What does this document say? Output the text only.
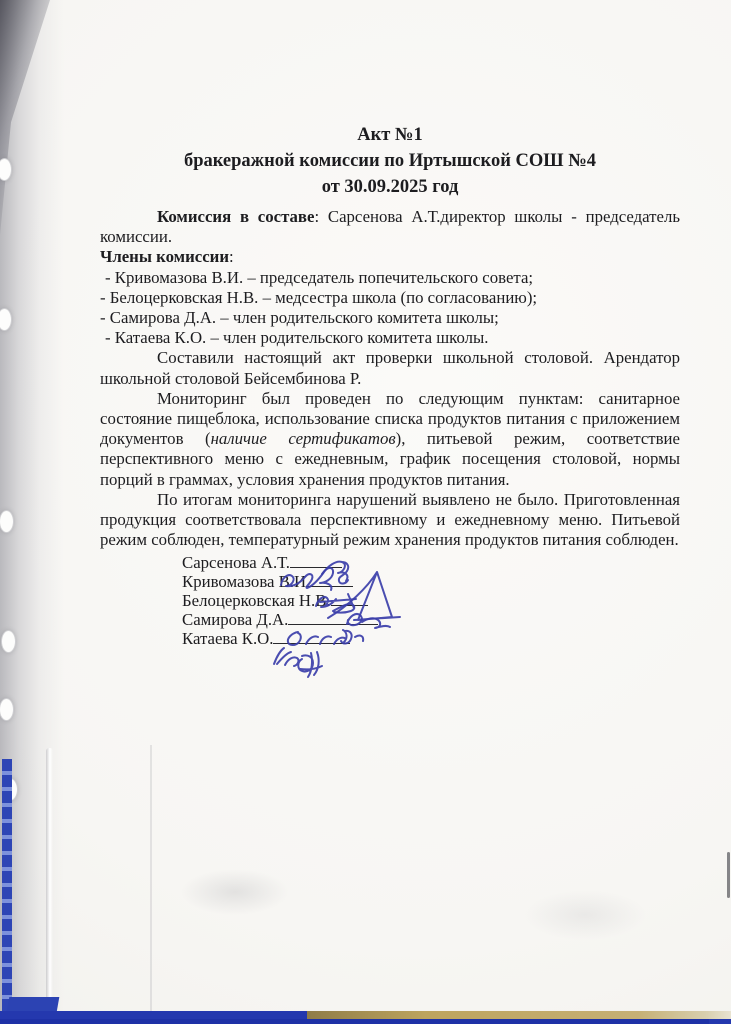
Акт №1
бракеражной комиссии по Иртышской СОШ №4
от 30.09.2025 год

Комиссия в составе: Сарсенова А.Т.директор школы - председатель комиссии.

Члены комиссии:

- Кривомазова В.И. – председатель попечительского совета;
- Белоцерковская Н.В. – медсестра школа (по согласованию);
- Самирова Д.А. – член родительского комитета школы;
- Катаева К.О. – член родительского комитета школы.

Составили настоящий акт проверки школьной столовой. Арендатор школьной столовой Бейсембинова Р.

Мониторинг был проведен по следующим пунктам: санитарное состояние пищеблока, использование списка продуктов питания с приложением документов (наличие сертификатов), питьевой режим, соответствие перспективного меню с ежедневным, график посещения столовой, нормы порций в граммах, условия хранения продуктов питания.

По итогам мониторинга нарушений выявлено не было. Приготовленная продукция соответствовала перспективному и ежедневному меню. Питьевой режим соблюден, температурный режим хранения продуктов питания соблюден.

Сарсенова А.Т.
Кривомазова В.И
Белоцерковская Н.В.
Самирова Д.А.
Катаева К.О.
